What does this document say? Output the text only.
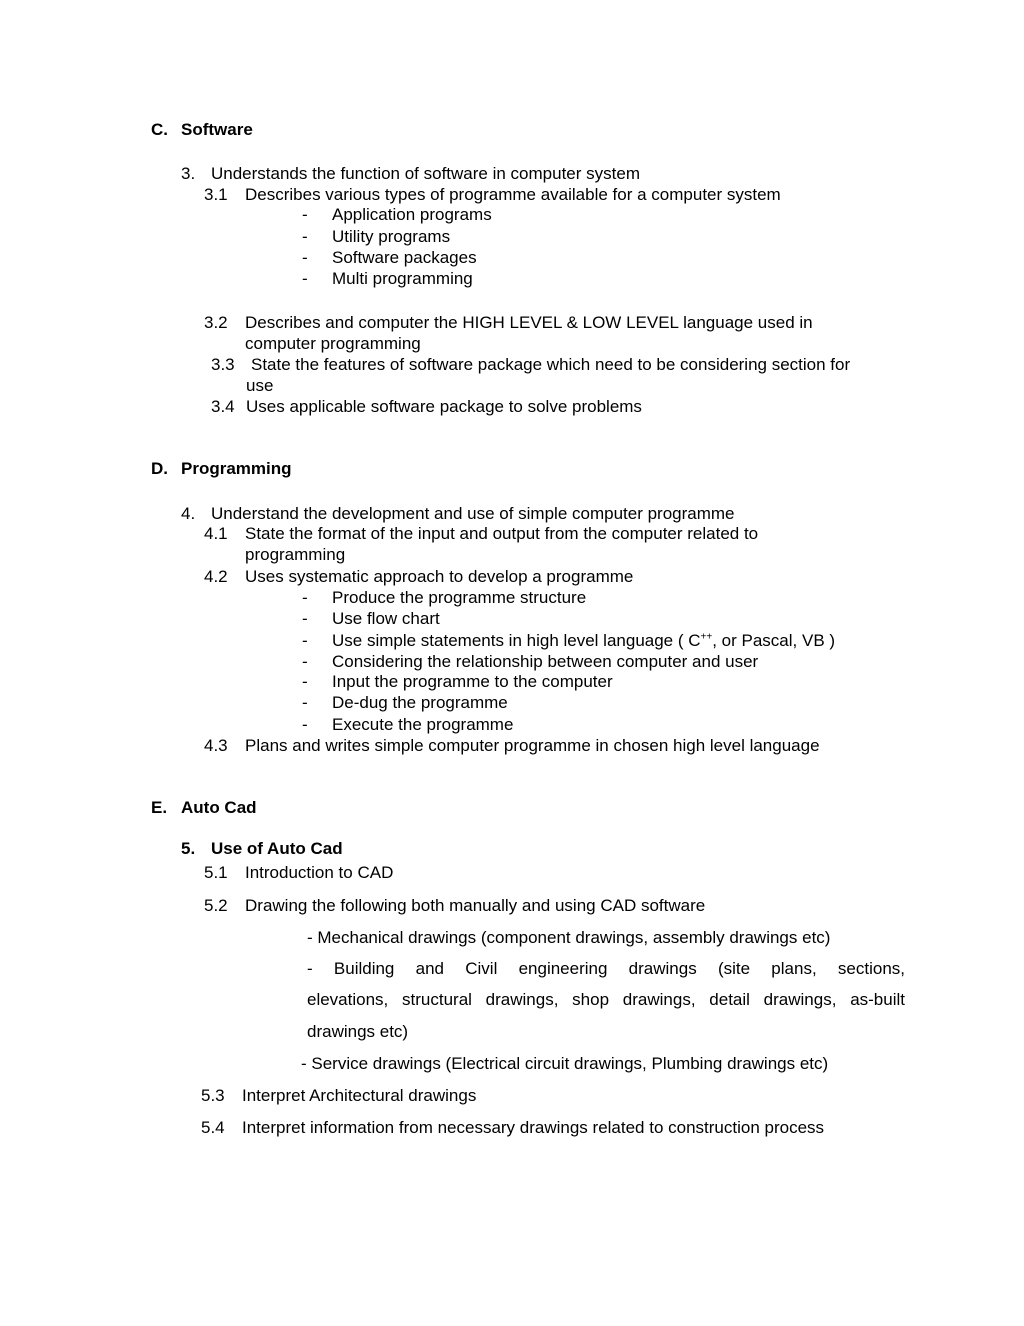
C. Software
3. Understands the function of software in computer system
3.1 Describes various types of programme available for a computer system
- Application programs
- Utility programs
- Software packages
- Multi programming
3.2 Describes and computer the HIGH LEVEL & LOW LEVEL language used in
computer programming
3.3 State the features of software package which need to be considering section for
use
3.4 Uses applicable software package to solve problems
D. Programming
4. Understand the development and use of simple computer programme
4.1 State the format of the input and output from the computer related to
programming
4.2 Uses systematic approach to develop a programme
- Produce the programme structure
- Use flow chart
- Use simple statements in high level language ( C++, or Pascal, VB )
- Considering the relationship between computer and user
- Input the programme to the computer
- De-dug the programme
- Execute the programme
4.3 Plans and writes simple computer programme in chosen high level language
E. Auto Cad
5. Use of Auto Cad
5.1 Introduction to CAD
5.2 Drawing the following both manually and using CAD software
- Mechanical drawings (component drawings, assembly drawings etc)
- Building and Civil engineering drawings (site plans, sections,
elevations, structural drawings, shop drawings, detail drawings, as-built
drawings etc)
- Service drawings (Electrical circuit drawings, Plumbing drawings etc)
5.3 Interpret Architectural drawings
5.4 Interpret information from necessary drawings related to construction process
